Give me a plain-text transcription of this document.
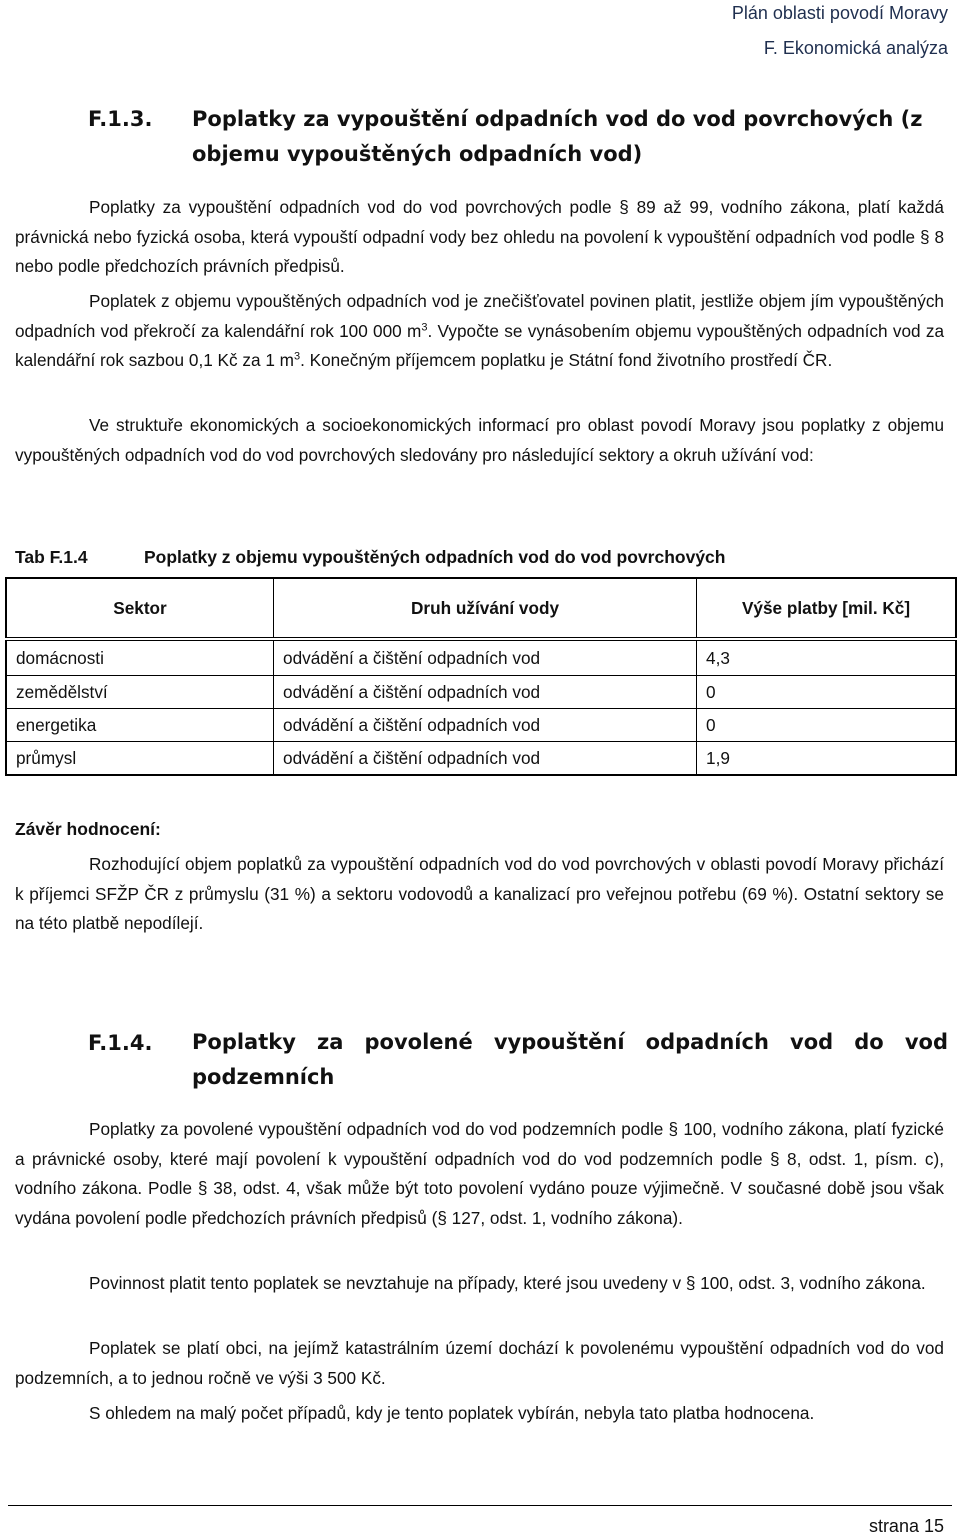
Plán oblasti povodí Moravy
F. Ekonomická analýza
F.1.3. Poplatky za vypouštění odpadních vod do vod povrchových (z objemu vypouštěných odpadních vod)
Poplatky za vypouštění odpadních vod do vod povrchových podle § 89 až 99, vodního zákona, platí každá právnická nebo fyzická osoba, která vypouští odpadní vody bez ohledu na povolení k vypouštění odpadních vod podle § 8 nebo podle předchozích právních předpisů.
Poplatek z objemu vypouštěných odpadních vod je znečišťovatel povinen platit, jestliže objem jím vypouštěných odpadních vod překročí za kalendářní rok 100 000 $m^3$. Vypočte se vynásobením objemu vypouštěných odpadních vod za kalendářní rok sazbou 0,1 Kč za 1 $m^3$. Konečným příjemcem poplatku je Státní fond životního prostředí ČR.
Ve struktuře ekonomických a socioekonomických informací pro oblast povodí Moravy jsou poplatky z objemu vypouštěných odpadních vod do vod povrchových sledovány pro následující sektory a okruh užívání vod:
Tab F.1.4	Poplatky z objemu vypouštěných odpadních vod do vod povrchových
Sektor	Druh užívání vody	Výše platby [mil. Kč]
domácnosti	odvádění a čištění odpadních vod	4,3
zemědělství	odvádění a čištění odpadních vod	0
energetika	odvádění a čištění odpadních vod	0
průmysl	odvádění a čištění odpadních vod	1,9
Závěr hodnocení:
Rozhodující objem poplatků za vypouštění odpadních vod do vod povrchových v oblasti povodí Moravy přichází k příjemci SFŽP ČR z průmyslu (31 %) a sektoru vodovodů a kanalizací pro veřejnou potřebu (69 %). Ostatní sektory se na této platbě nepodílejí.
F.1.4. Poplatky za povolené vypouštění odpadních vod do vod podzemních
Poplatky za povolené vypouštění odpadních vod do vod podzemních podle § 100, vodního zákona, platí fyzické a právnické osoby, které mají povolení k vypouštění odpadních vod do vod podzemních podle § 8, odst. 1, písm. c), vodního zákona. Podle § 38, odst. 4, však může být toto povolení vydáno pouze výjimečně. V současné době jsou však vydána povolení podle předchozích právních předpisů (§ 127, odst. 1, vodního zákona).
Povinnost platit tento poplatek se nevztahuje na případy, které jsou uvedeny v § 100, odst. 3, vodního zákona.
Poplatek se platí obci, na jejímž katastrálním území dochází k povolenému vypouštění odpadních vod do vod podzemních, a to jednou ročně ve výši 3 500 Kč.
S ohledem na malý počet případů, kdy je tento poplatek vybírán, nebyla tato platba hodnocena.
strana 15
